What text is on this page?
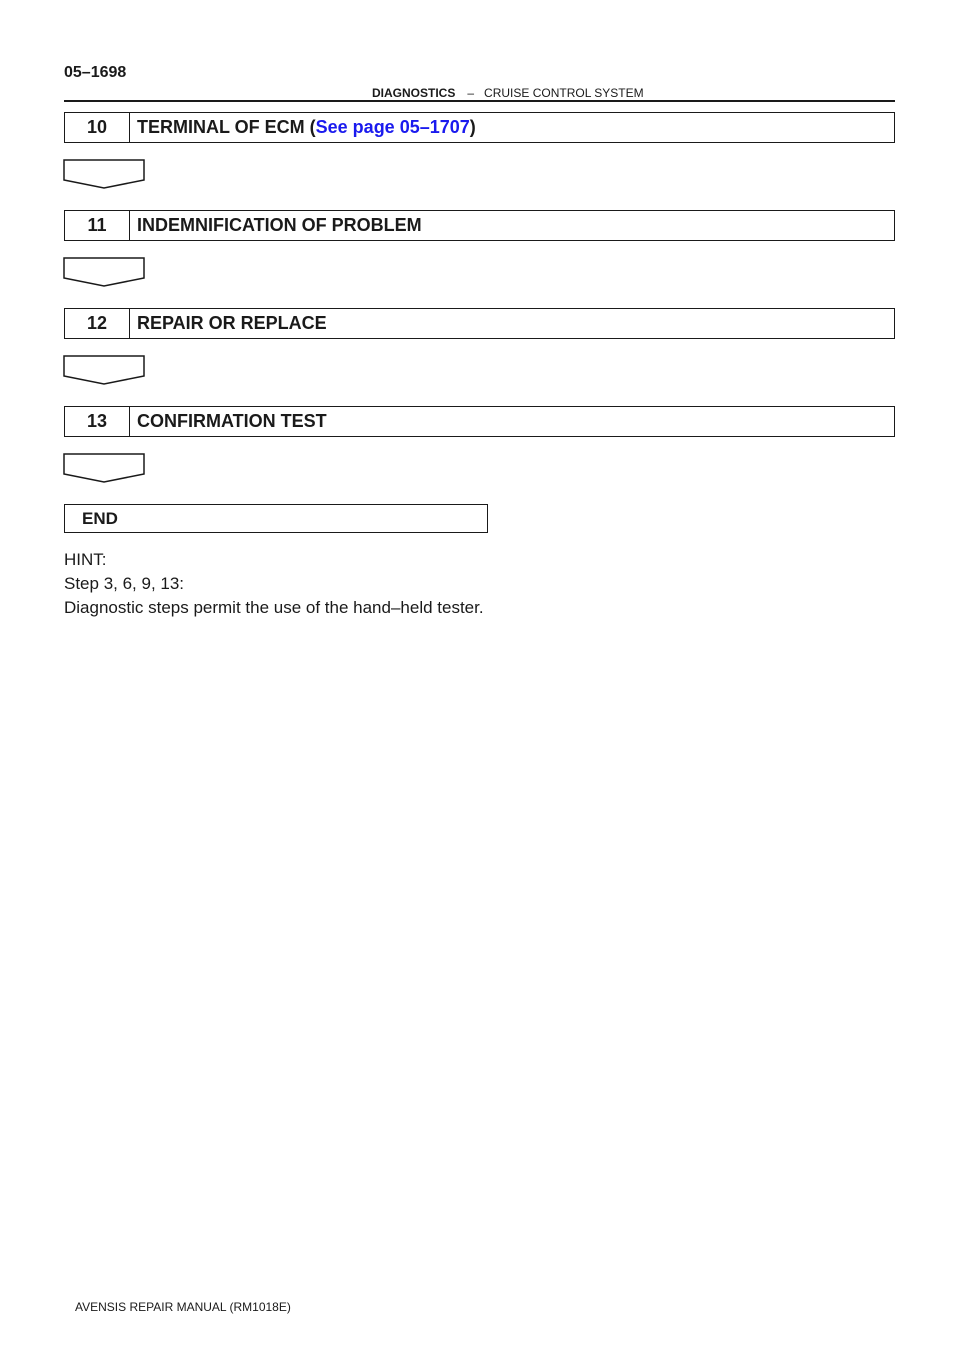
05–1698
DIAGNOSTICS – CRUISE CONTROL SYSTEM
10	TERMINAL OF ECM ( See page 05–1707 )
11	INDEMNIFICATION OF PROBLEM
12	REPAIR OR REPLACE
13	CONFIRMATION TEST
END
HINT:
Step 3, 6, 9, 13:
Diagnostic steps permit the use of the hand–held tester.
AVENSIS REPAIR MANUAL (RM1018E)
